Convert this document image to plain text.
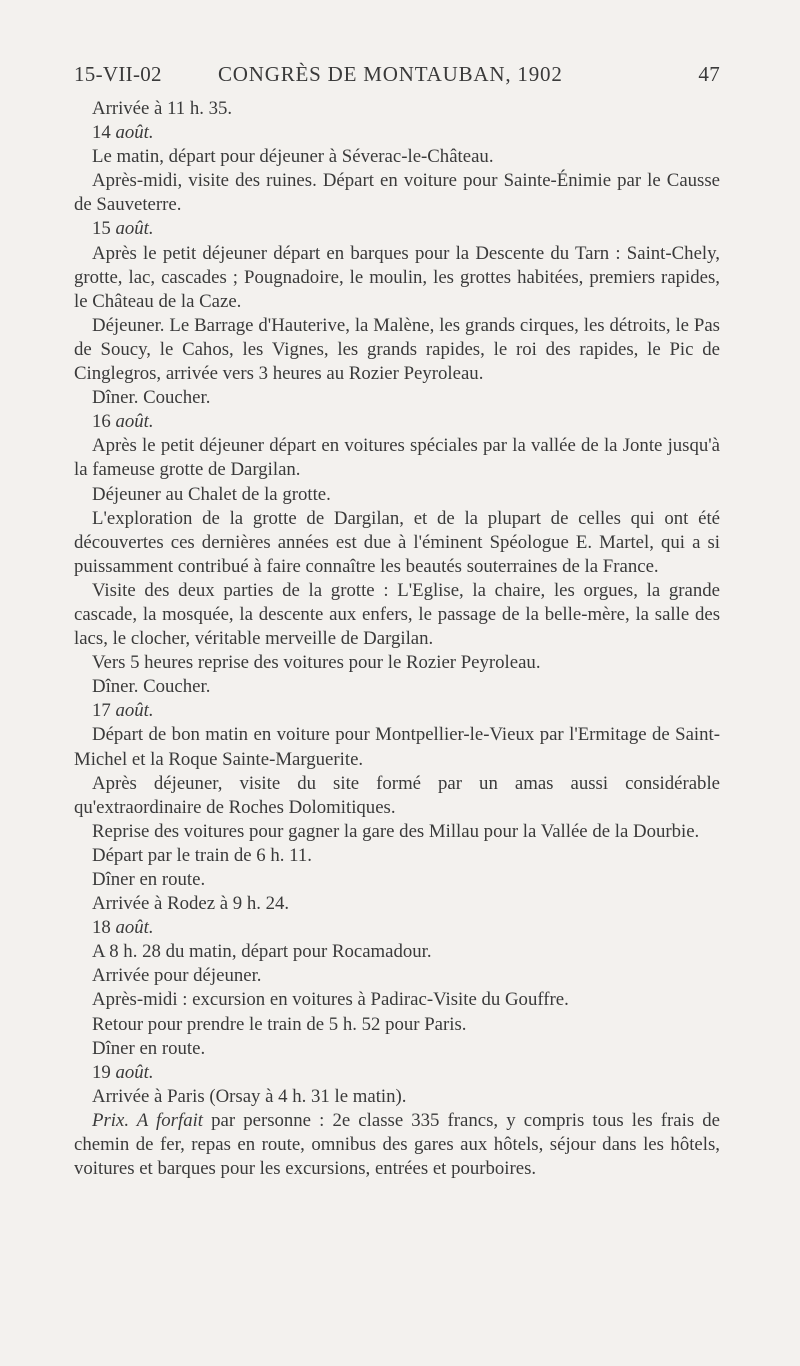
15-VII-02	CONGRÈS DE MONTAUBAN, 1902	47

Arrivée à 11 h. 35.

14 août.

Le matin, départ pour déjeuner à Séverac-le-Château.

Après-midi, visite des ruines. Départ en voiture pour Sainte-Énimie par le Causse de Sauveterre.

15 août.

Après le petit déjeuner départ en barques pour la Descente du Tarn : Saint-Chely, grotte, lac, cascades ; Pougnadoire, le moulin, les grottes habitées, premiers rapides, le Château de la Caze.

Déjeuner. Le Barrage d'Hauterive, la Malène, les grands cirques, les détroits, le Pas de Soucy, le Cahos, les Vignes, les grands rapides, le roi des rapides, le Pic de Cinglegros, arrivée vers 3 heures au Rozier Peyroleau.

Dîner. Coucher.

16 août.

Après le petit déjeuner départ en voitures spéciales par la vallée de la Jonte jusqu'à la fameuse grotte de Dargilan.

Déjeuner au Chalet de la grotte.

L'exploration de la grotte de Dargilan, et de la plupart de celles qui ont été découvertes ces dernières années est due à l'éminent Spéologue E. Martel, qui a si puissamment contribué à faire connaître les beautés souterraines de la France.

Visite des deux parties de la grotte : L'Eglise, la chaire, les orgues, la grande cascade, la mosquée, la descente aux enfers, le passage de la belle-mère, la salle des lacs, le clocher, véritable merveille de Dargilan.

Vers 5 heures reprise des voitures pour le Rozier Peyroleau.

Dîner. Coucher.

17 août.

Départ de bon matin en voiture pour Montpellier-le-Vieux par l'Ermitage de Saint-Michel et la Roque Sainte-Marguerite.

Après déjeuner, visite du site formé par un amas aussi considérable qu'extraordinaire de Roches Dolomitiques.

Reprise des voitures pour gagner la gare des Millau pour la Vallée de la Dourbie.

Départ par le train de 6 h. 11.

Dîner en route.

Arrivée à Rodez à 9 h. 24.

18 août.

A 8 h. 28 du matin, départ pour Rocamadour.

Arrivée pour déjeuner.

Après-midi : excursion en voitures à Padirac-Visite du Gouffre.

Retour pour prendre le train de 5 h. 52 pour Paris.

Dîner en route.

19 août.

Arrivée à Paris (Orsay à 4 h. 31 le matin).

Prix. A forfait par personne : 2e classe 335 francs, y compris tous les frais de chemin de fer, repas en route, omnibus des gares aux hôtels, séjour dans les hôtels, voitures et barques pour les excursions, entrées et pourboires.
